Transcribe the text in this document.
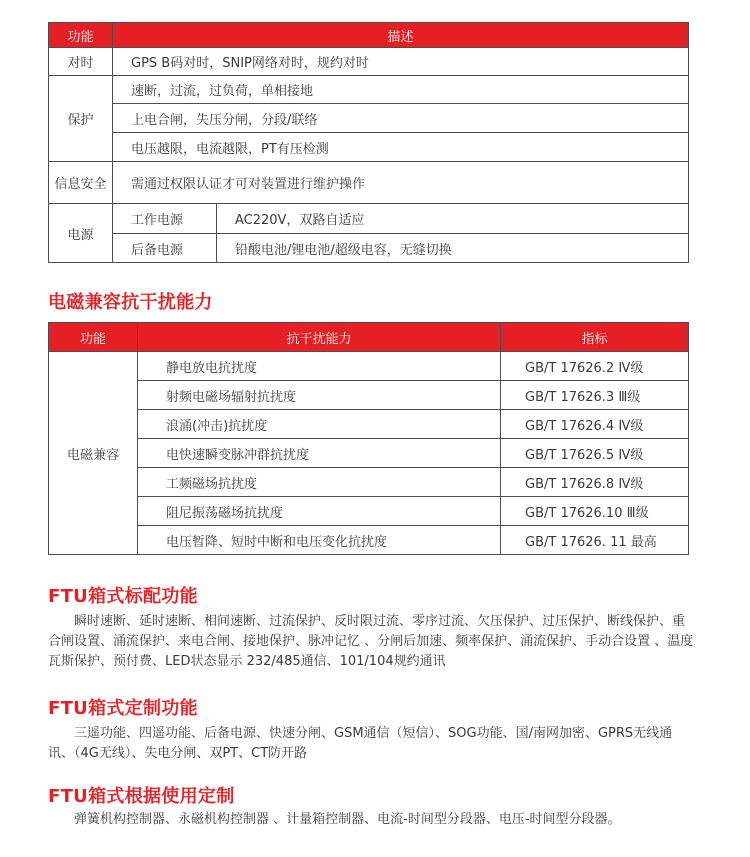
功能	描述	
对时	GPS B码对时，SNIP网络对时，规约对时	
保护	速断，过流，过负荷，单相接地	
	上电合闸，失压分闸，分段/联络	
	电压越限，电流越限，PT有压检测	
信息安全	需通过权限认证才可对装置进行维护操作	
电源	工作电源	AC220V，双路自适应
	后备电源	铅酸电池/锂电池/超级电容，无缝切换
电磁兼容抗干扰能力
功能	抗干扰能力	指标
电磁兼容	静电放电抗扰度	GB/T 17626.2 Ⅳ级
	射频电磁场辐射抗扰度	GB/T 17626.3 Ⅲ级
	浪涌(冲击)抗扰度	GB/T 17626.4 Ⅳ级
	电快速瞬变脉冲群抗扰度	GB/T 17626.5 Ⅳ级
	工频磁场抗扰度	GB/T 17626.8 Ⅳ级
	阻尼振荡磁场抗扰度	GB/T 17626.10 Ⅲ级
	电压暂降、短时中断和电压变化抗扰度	GB/T 17626. 11 最高
FTU箱式标配功能

瞬时速断、延时速断、相间速断、过流保护、反时限过流、零序过流、欠压保护、过压保护、断线保护、重合闸设置、涌流保护、来电合闸、接地保护、脉冲记忆 、分闸后加速、频率保护、涌流保护、手动合设置 、温度瓦斯保护、预付费、LED状态显示 232/485通信、101/104规约通讯

FTU箱式定制功能

三遥功能、四遥功能、后备电源、快速分闸、GSM通信（短信）、SOG功能、国/南网加密、GPRS无线通讯、（4G无线）、失电分闸、双PT、CT防开路

FTU箱式根据使用定制

弹簧机构控制器、永磁机构控制器 、计量箱控制器、电流-时间型分段器、电压-时间型分段器。
